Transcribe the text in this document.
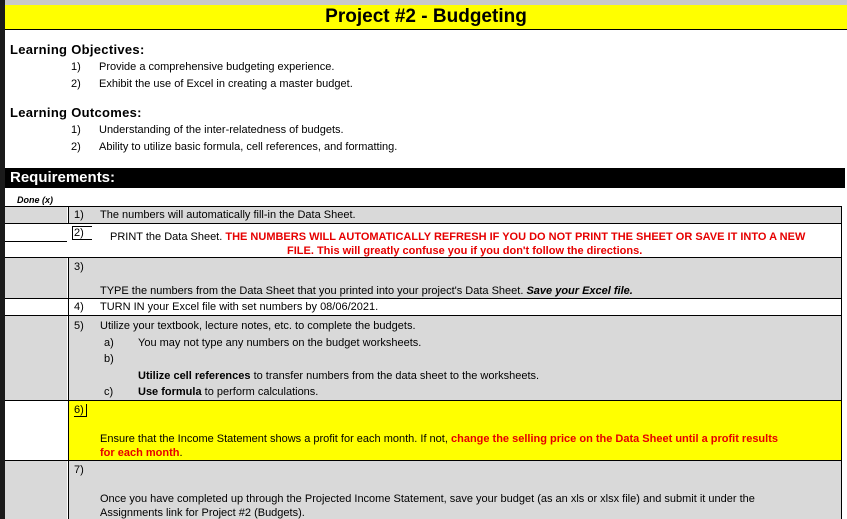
Project #2 - Budgeting
Learning Objectives:
1) Provide a comprehensive budgeting experience.
2) Exhibit the use of Excel in creating a master budget.
Learning Outcomes:
1) Understanding of the inter-relatedness of budgets.
2) Ability to utilize basic formula, cell references, and formatting.
Requirements:
Done (x)
1) The numbers will automatically fill-in the Data Sheet.
2)	PRINT the Data Sheet. THE NUMBERS WILL AUTOMATICALLY REFRESH IF YOU DO NOT PRINT THE SHEET OR SAVE IT INTO A NEW
FILE. This will greatly confuse you if you don't follow the directions.
3)
TYPE the numbers from the Data Sheet that you printed into your project's Data Sheet. Save your Excel file.
4) TURN IN your Excel file with set numbers by 08/06/2021.
5) Utilize your textbook, lecture notes, etc. to complete the budgets.
a) You may not type any numbers on the budget worksheets.
b)
Utilize cell references to transfer numbers from the data sheet to the worksheets.
c) Use formula to perform calculations.
6)
Ensure that the Income Statement shows a profit for each month. If not, change the selling price on the Data Sheet until a profit results
for each month.
7)
Once you have completed up through the Projected Income Statement, save your budget (as an xls or xlsx file) and submit it under the
Assignments link for Project #2 (Budgets).
